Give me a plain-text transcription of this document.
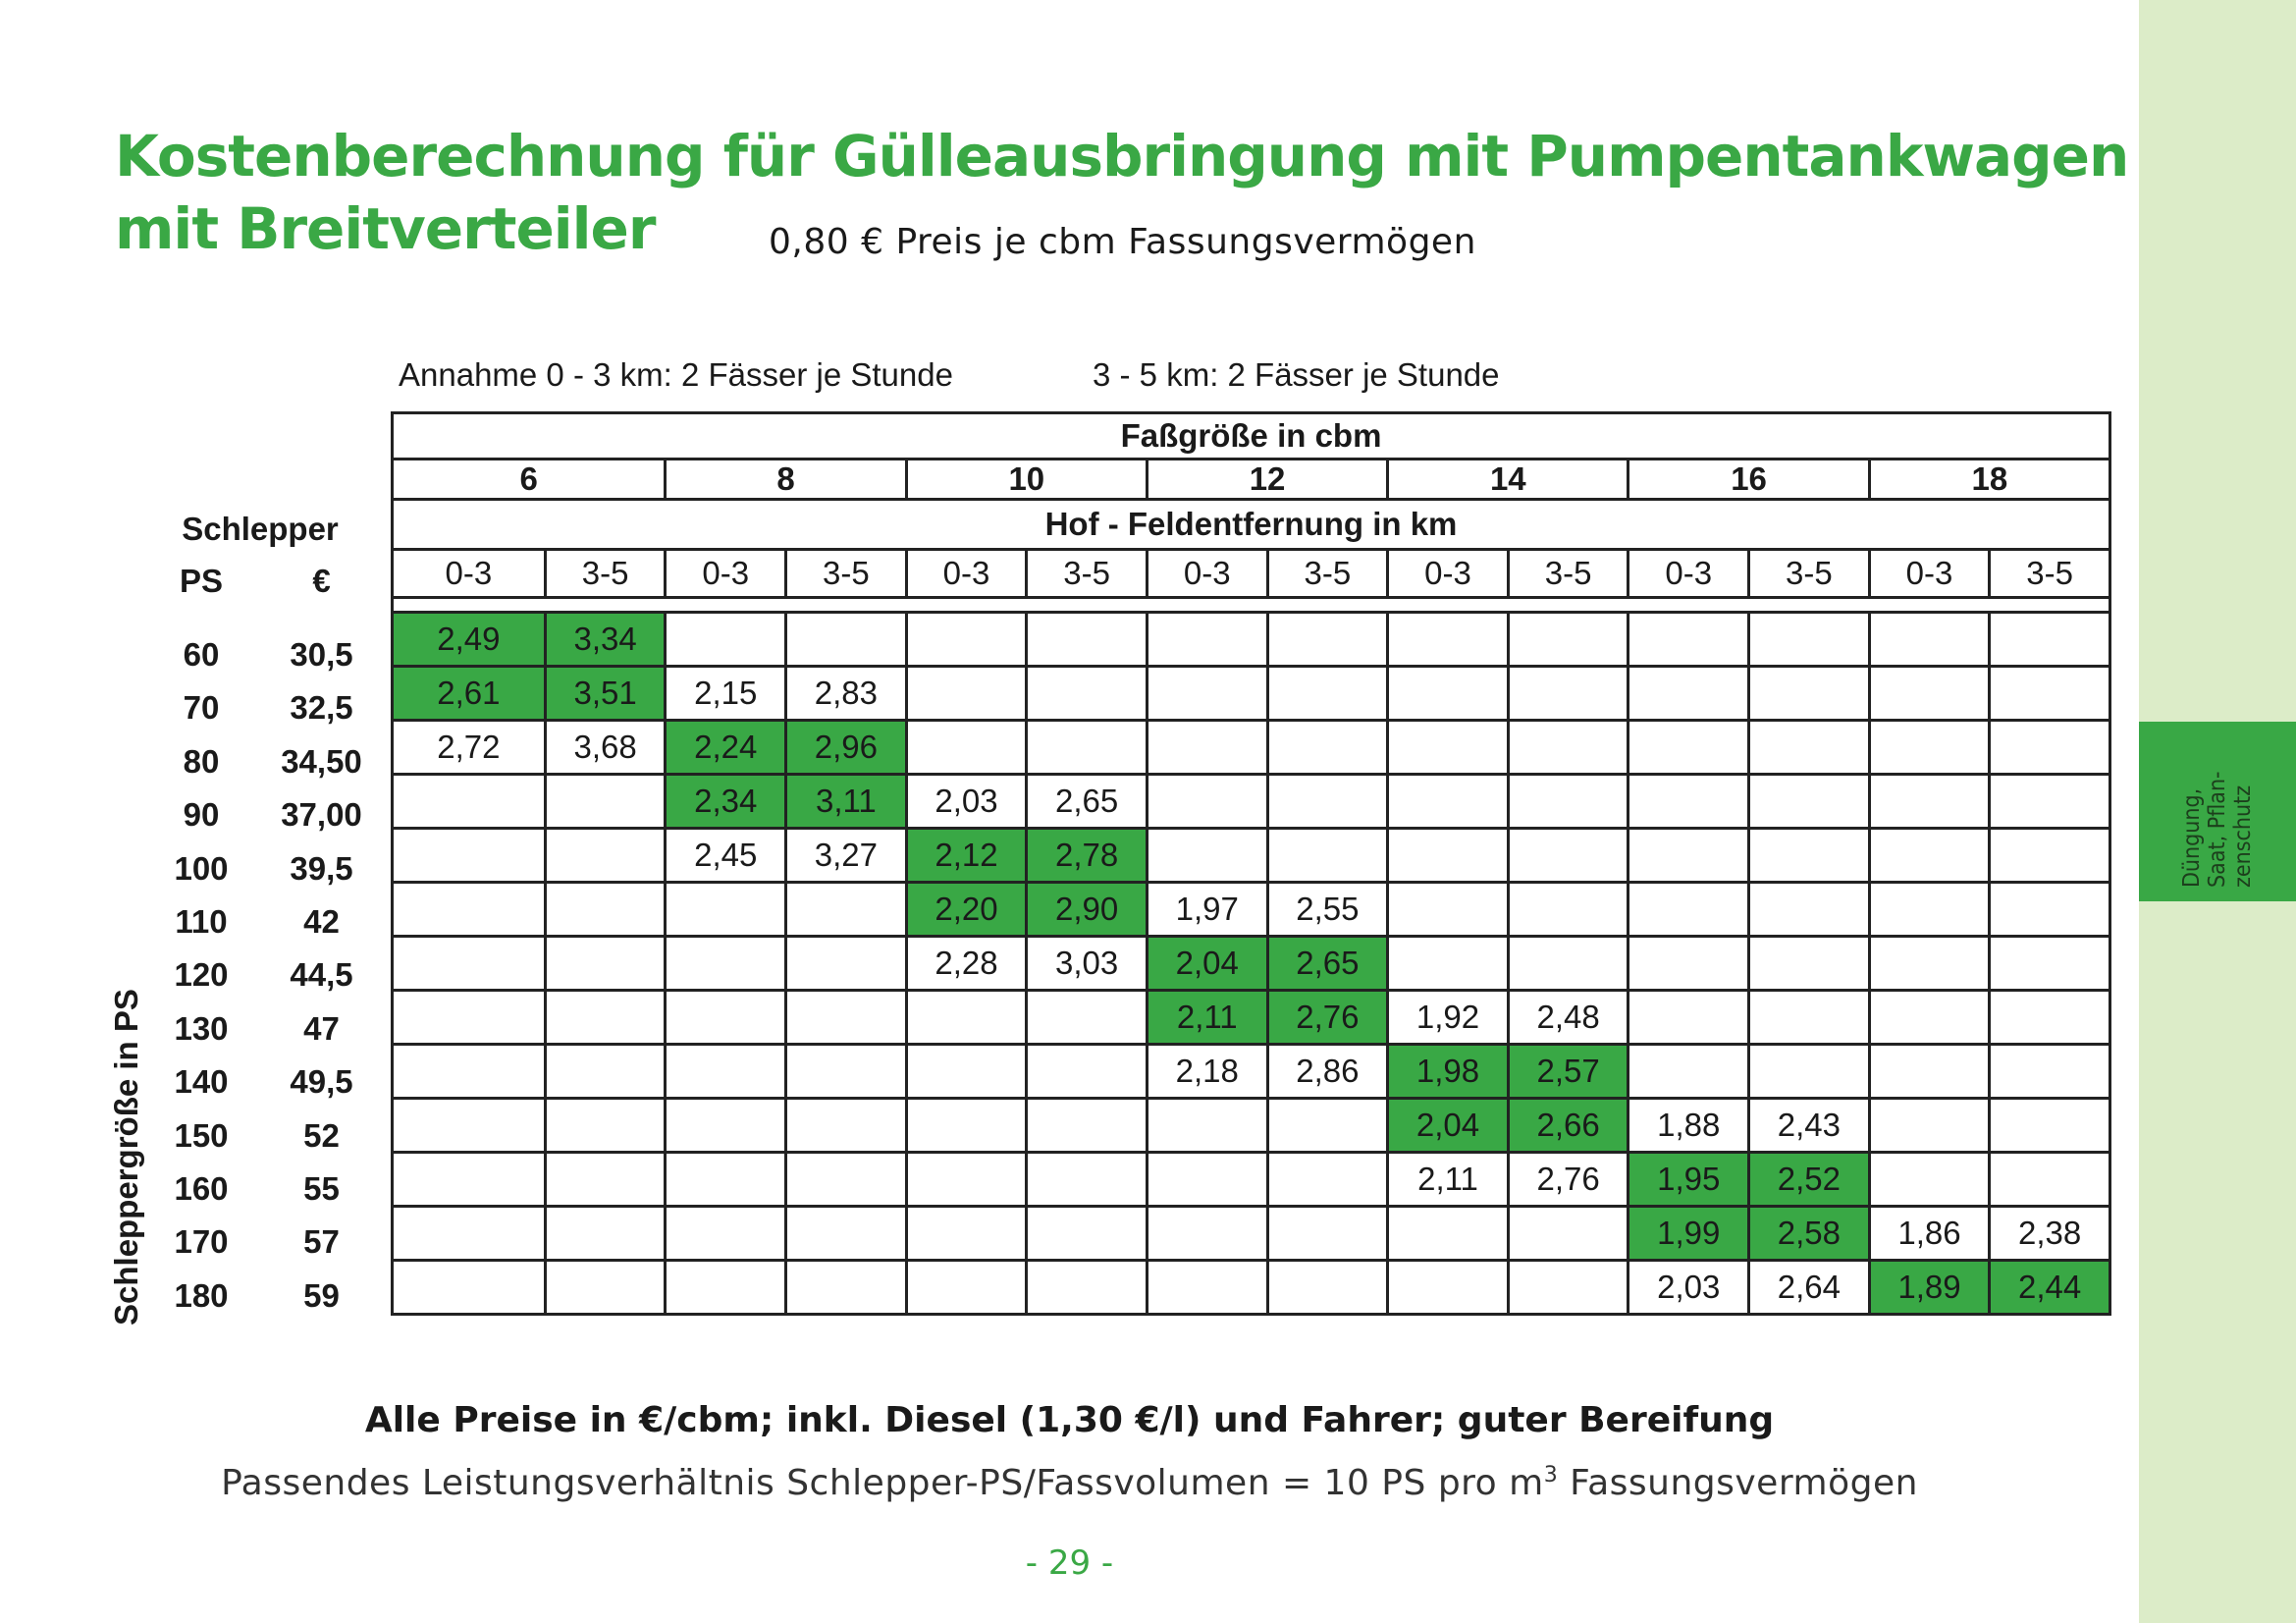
Düngung, Saat, Pflan- zenschutz
Kostenberechnung für Gülleausbringung mit Pumpentankwagen
mit Breitverteiler	0,80 € Preis je cbm Fassungsvermögen
Annahme 0 - 3 km: 2 Fässer je Stunde	3 - 5 km: 2 Fässer je Stunde
Schlepper
PS	€
Schleppergröße in PS
60	30,5
70	32,5
80	34,50
90	37,00
100	39,5
110	42
120	44,5
130	47
140	49,5
150	52
160	55
170	57
180	59
Faßgröße in cbm													
6		8		10		12		14		16		18	
Hof - Feldentfernung in km													
0-3	3-5	0-3	3-5	0-3	3-5	0-3	3-5	0-3	3-5	0-3	3-5	0-3	3-5

2,49	3,34												
2,61	3,51	2,15	2,83										
2,72	3,68	2,24	2,96										
		2,34	3,11	2,03	2,65								
		2,45	3,27	2,12	2,78								
				2,20	2,90	1,97	2,55						
				2,28	3,03	2,04	2,65						
						2,11	2,76	1,92	2,48				
						2,18	2,86	1,98	2,57				
								2,04	2,66	1,88	2,43		
								2,11	2,76	1,95	2,52		
										1,99	2,58	1,86	2,38
										2,03	2,64	1,89	2,44
Alle Preise in €/cbm; inkl. Diesel (1,30 €/l) und Fahrer; guter Bereifung
Passendes Leistungsverhältnis Schlepper-PS/Fassvolumen = 10 PS pro $m^3$ Fassungsvermögen
- 29 -
